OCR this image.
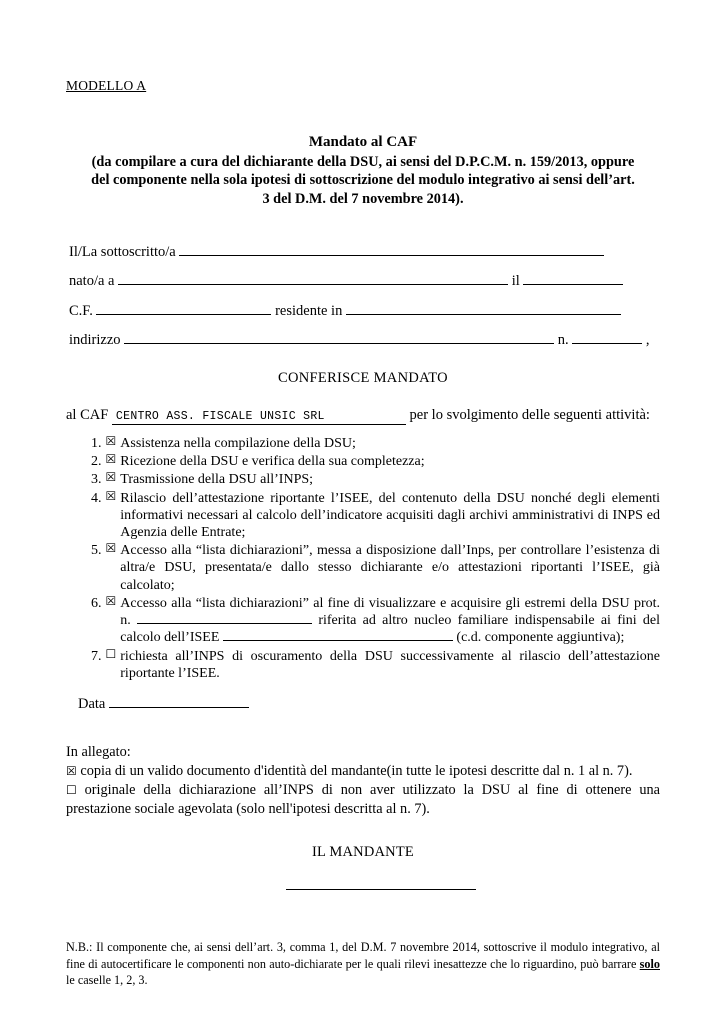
MODELLO A
Mandato al CAF
(da compilare a cura del dichiarante della DSU, ai sensi del D.P.C.M. n. 159/2013, oppure
del componente nella sola ipotesi di sottoscrizione del modulo integrativo ai sensi dell’art.
3 del D.M. del 7 novembre 2014).
Il/La sottoscritto/a
nato/a a	il
C.F.	residente in
indirizzo	n.	,
CONFERISCE MANDATO
al CAF CENTRO ASS. FISCALE UNSIC SRL	per lo svolgimento delle seguenti attività:
1. ☒ Assistenza nella compilazione della DSU;
2. ☒ Ricezione della DSU e verifica della sua completezza;
3. ☒ Trasmissione della DSU all’INPS;
4. ☒ Rilascio dell’attestazione riportante l’ISEE, del contenuto della DSU nonché degli elementi informativi necessari al calcolo dell’indicatore acquisiti dagli archivi amministrativi di INPS ed Agenzia delle Entrate;
5. ☒ Accesso alla “lista dichiarazioni”, messa a disposizione dall’Inps, per controllare l’esistenza di altra/e DSU, presentata/e dallo stesso dichiarante e/o attestazioni riportanti l’ISEE, già calcolato;
6. ☒ Accesso alla “lista dichiarazioni” al fine di visualizzare e acquisire gli estremi della DSU prot. n.	riferita ad altro nucleo familiare indispensabile ai fini del calcolo dell’ISEE	(c.d. componente aggiuntiva);
7. ☐ richiesta all’INPS di oscuramento della DSU successivamente al rilascio dell’attestazione riportante l’ISEE.
Data
In allegato:
☒ copia di un valido documento d'identità del mandante(in tutte le ipotesi descritte dal n. 1 al n. 7).
☐ originale della dichiarazione all’INPS di non aver utilizzato la DSU al fine di ottenere una prestazione sociale agevolata (solo nell'ipotesi descritta al n. 7).
IL MANDANTE
N.B.: Il componente che, ai sensi dell’art. 3, comma 1, del D.M. 7 novembre 2014, sottoscrive il modulo integrativo, al fine di autocertificare le componenti non auto-dichiarate per le quali rilevi inesattezze che lo riguardino, può barrare solo le caselle 1, 2, 3.
